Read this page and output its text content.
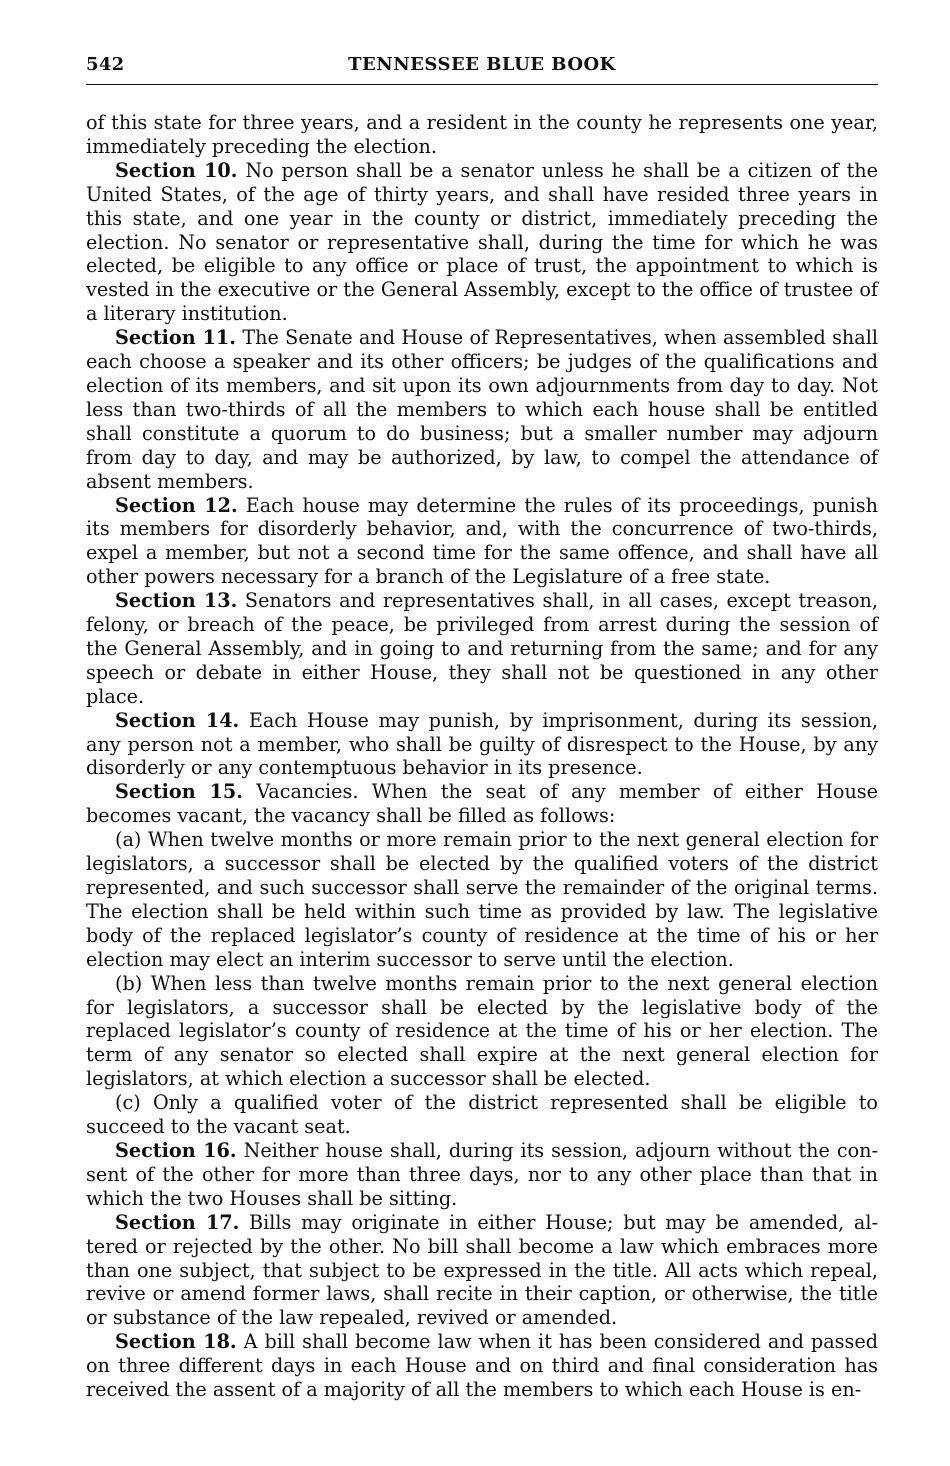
542	TENNESSEE BLUE BOOK

of this state for three years, and a resident in the county he represents one year, immediately preceding the election.

Section 10. No person shall be a senator unless he shall be a citizen of the United States, of the age of thirty years, and shall have resided three years in this state, and one year in the county or district, immediately preceding the election. No senator or representative shall, during the time for which he was elected, be eligible to any office or place of trust, the appointment to which is vested in the executive or the General Assembly, except to the office of trustee of a literary institution.

Section 11. The Senate and House of Representatives, when assembled shall each choose a speaker and its other officers; be judges of the qualifications and election of its members, and sit upon its own adjournments from day to day. Not less than two-thirds of all the members to which each house shall be entitled shall constitute a quorum to do business; but a smaller number may adjourn from day to day, and may be authorized, by law, to compel the attendance of absent members.

Section 12. Each house may determine the rules of its proceedings, punish its members for disorderly behavior, and, with the concurrence of two-thirds, expel a member, but not a second time for the same offence, and shall have all other powers necessary for a branch of the Legislature of a free state.

Section 13. Senators and representatives shall, in all cases, except treason, felony, or breach of the peace, be privileged from arrest during the session of the General Assembly, and in going to and returning from the same; and for any speech or debate in either House, they shall not be questioned in any other place.

Section 14. Each House may punish, by imprisonment, during its session, any person not a member, who shall be guilty of disrespect to the House, by any disorderly or any contemptuous behavior in its presence.

Section 15. Vacancies. When the seat of any member of either House becomes vacant, the vacancy shall be filled as follows:

(a) When twelve months or more remain prior to the next general election for legislators, a successor shall be elected by the qualified voters of the district represented, and such successor shall serve the remainder of the original terms. The election shall be held within such time as provided by law. The legislative body of the replaced legislator’s county of residence at the time of his or her election may elect an interim successor to serve until the election.

(b) When less than twelve months remain prior to the next general election for legislators, a successor shall be elected by the legislative body of the replaced legislator’s county of residence at the time of his or her election. The term of any senator so elected shall expire at the next general election for legislators, at which election a successor shall be elected.

(c) Only a qualified voter of the district represented shall be eligible to succeed to the vacant seat.

Section 16. Neither house shall, during its session, adjourn without the consent of the other for more than three days, nor to any other place than that in which the two Houses shall be sitting.

Section 17. Bills may originate in either House; but may be amended, altered or rejected by the other. No bill shall become a law which embraces more than one subject, that subject to be expressed in the title. All acts which repeal, revive or amend former laws, shall recite in their caption, or otherwise, the title or substance of the law repealed, revived or amended.

Section 18. A bill shall become law when it has been considered and passed on three different days in each House and on third and final consideration has received the assent of a majority of all the members to which each House is en-
